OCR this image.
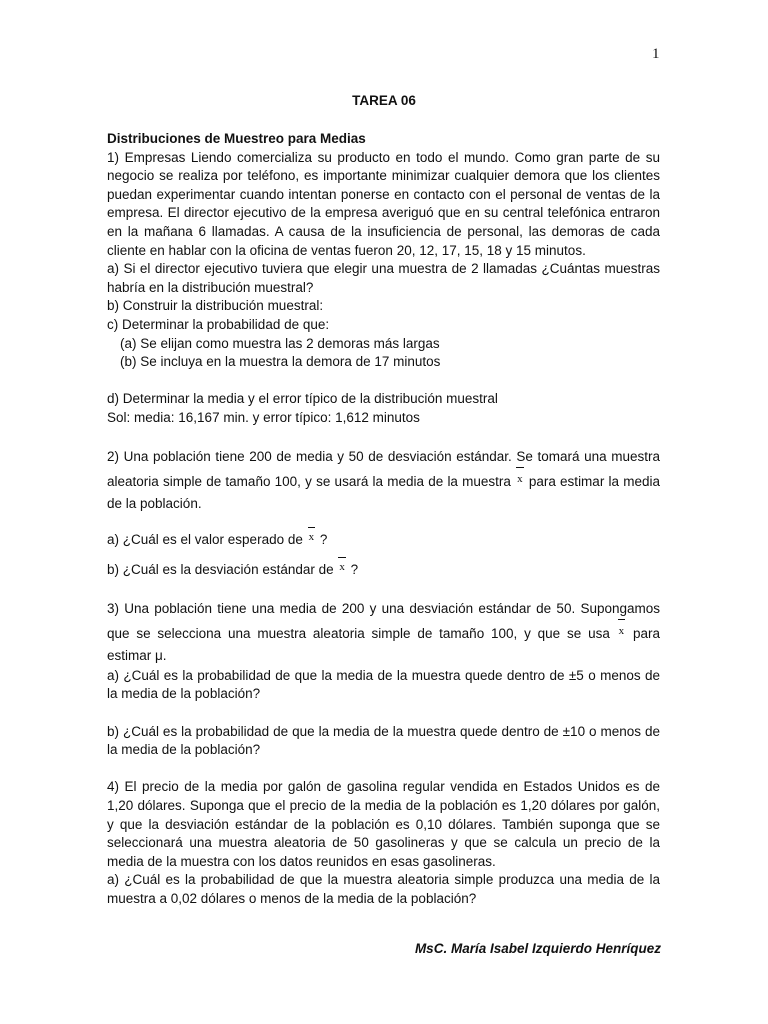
1
TAREA 06

Distribuciones de Muestreo para Medias

1) Empresas Liendo comercializa su producto en todo el mundo. Como gran parte de su negocio se realiza por teléfono, es importante minimizar cualquier demora que los clientes puedan experimentar cuando intentan ponerse en contacto con el personal de ventas de la empresa. El director ejecutivo de la empresa averiguó que en su central telefónica entraron en la mañana 6 llamadas. A causa de la insuficiencia de personal, las demoras de cada cliente en hablar con la oficina de ventas fueron 20, 12, 17, 15, 18 y 15 minutos.

a) Si el director ejecutivo tuviera que elegir una muestra de 2 llamadas ¿Cuántas muestras habría en la distribución muestral?

b) Construir la distribución muestral:

c) Determinar la probabilidad de que:

(a) Se elijan como muestra las 2 demoras más largas

(b) Se incluya en la muestra la demora de 17 minutos

d) Determinar la media y el error típico de la distribución muestral

Sol: media: 16,167 min. y error típico: 1,612 minutos

2) Una población tiene 200 de media y 50 de desviación estándar. Se tomará una muestra aleatoria simple de tamaño 100, y se usará la media de la muestra x para estimar la media de la población.

a) ¿Cuál es el valor esperado de x ?

b) ¿Cuál es la desviación estándar de x ?

3) Una población tiene una media de 200 y una desviación estándar de 50. Supongamos que se selecciona una muestra aleatoria simple de tamaño 100, y que se usa x para estimar μ.

a) ¿Cuál es la probabilidad de que la media de la muestra quede dentro de ±5 o menos de la media de la población?

b) ¿Cuál es la probabilidad de que la media de la muestra quede dentro de ±10 o menos de la media de la población?

4) El precio de la media por galón de gasolina regular vendida en Estados Unidos es de 1,20 dólares. Suponga que el precio de la media de la población es 1,20 dólares por galón, y que la desviación estándar de la población es 0,10 dólares. También suponga que se seleccionará una muestra aleatoria de 50 gasolineras y que se calcula un precio de la media de la muestra con los datos reunidos en esas gasolineras.

a) ¿Cuál es la probabilidad de que la muestra aleatoria simple produzca una media de la muestra a 0,02 dólares o menos de la media de la población?

MsC. María Isabel Izquierdo Henríquez
